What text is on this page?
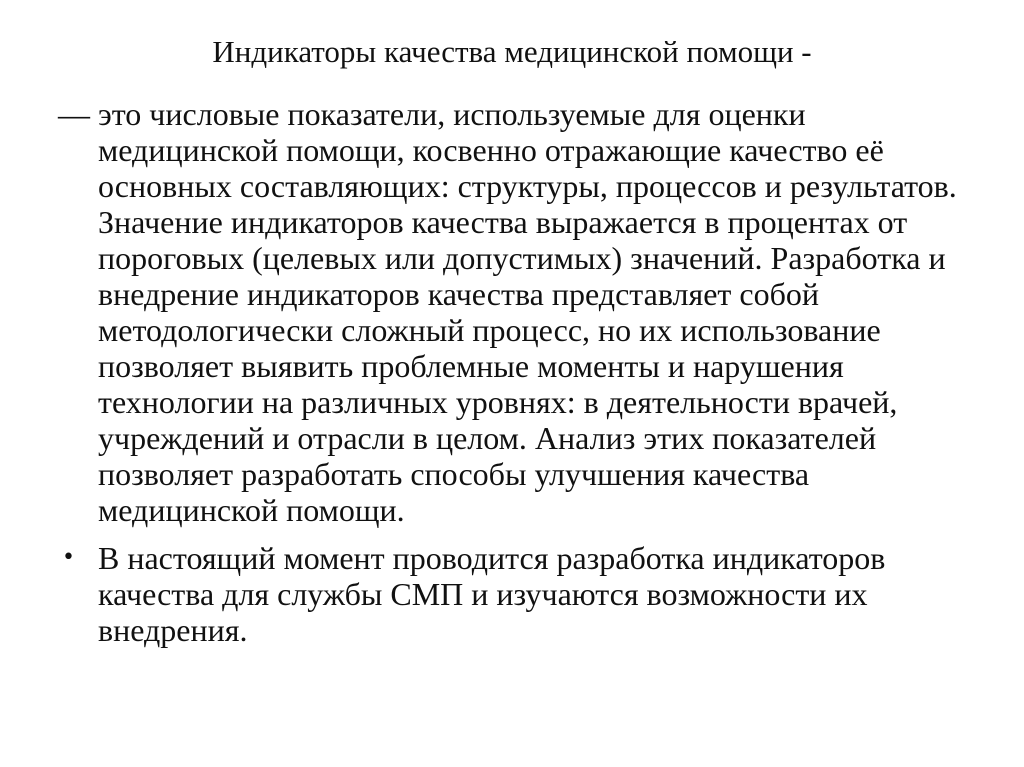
Индикаторы качества медицинской помощи -

— это числовые показатели, используемые для оценки медицинской помощи, косвенно отражающие качество её основных составляющих: структуры, процессов и результатов. Значение индикаторов качества выражается в процентах от пороговых (целевых или допустимых) значений. Разработка и внедрение индикаторов качества представляет собой методологически сложный процесс, но их использование позволяет выявить проблемные моменты и нарушения технологии на различных уровнях: в деятельности врачей, учреждений и отрасли в целом. Анализ этих показателей позволяет разработать способы улучшения качества медицинской помощи.

• В настоящий момент проводится разработка индикаторов качества для службы СМП и изучаются возможности их внедрения.
